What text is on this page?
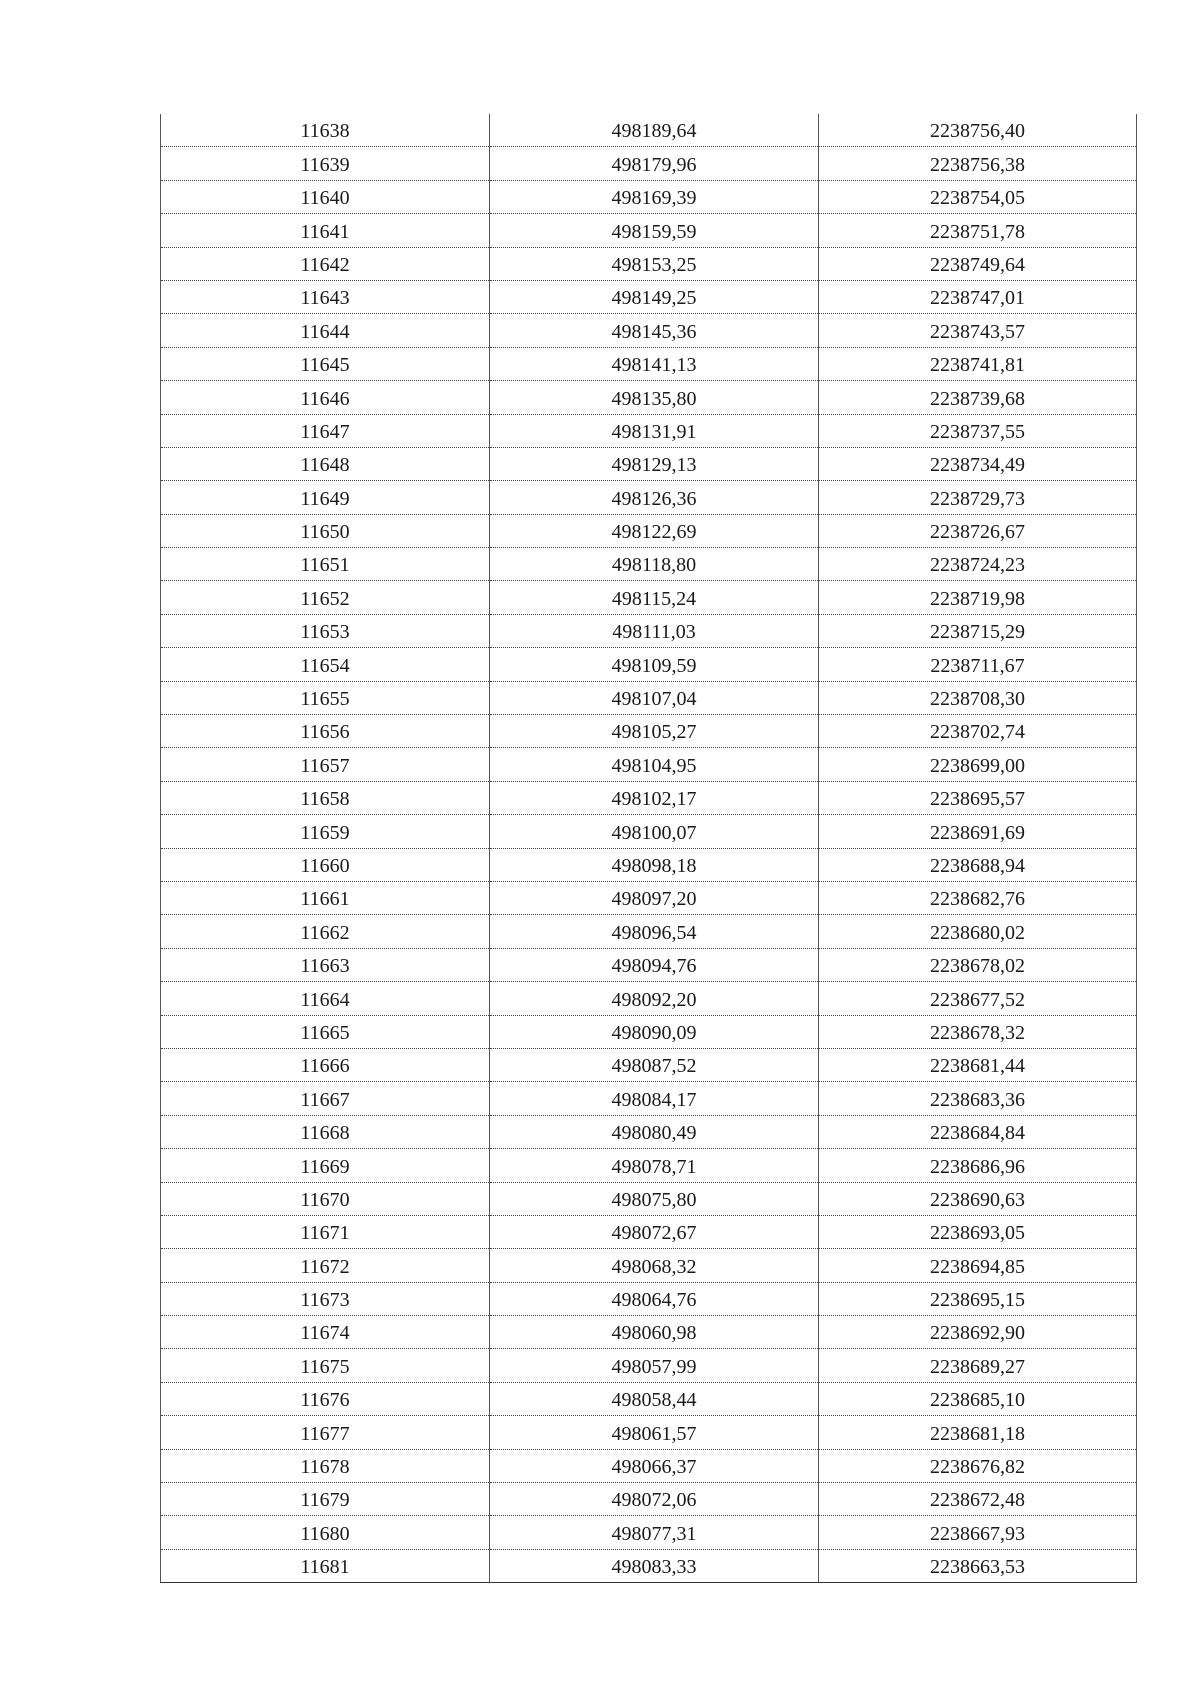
11638	498189,64	2238756,40
11639	498179,96	2238756,38
11640	498169,39	2238754,05
11641	498159,59	2238751,78
11642	498153,25	2238749,64
11643	498149,25	2238747,01
11644	498145,36	2238743,57
11645	498141,13	2238741,81
11646	498135,80	2238739,68
11647	498131,91	2238737,55
11648	498129,13	2238734,49
11649	498126,36	2238729,73
11650	498122,69	2238726,67
11651	498118,80	2238724,23
11652	498115,24	2238719,98
11653	498111,03	2238715,29
11654	498109,59	2238711,67
11655	498107,04	2238708,30
11656	498105,27	2238702,74
11657	498104,95	2238699,00
11658	498102,17	2238695,57
11659	498100,07	2238691,69
11660	498098,18	2238688,94
11661	498097,20	2238682,76
11662	498096,54	2238680,02
11663	498094,76	2238678,02
11664	498092,20	2238677,52
11665	498090,09	2238678,32
11666	498087,52	2238681,44
11667	498084,17	2238683,36
11668	498080,49	2238684,84
11669	498078,71	2238686,96
11670	498075,80	2238690,63
11671	498072,67	2238693,05
11672	498068,32	2238694,85
11673	498064,76	2238695,15
11674	498060,98	2238692,90
11675	498057,99	2238689,27
11676	498058,44	2238685,10
11677	498061,57	2238681,18
11678	498066,37	2238676,82
11679	498072,06	2238672,48
11680	498077,31	2238667,93
11681	498083,33	2238663,53
